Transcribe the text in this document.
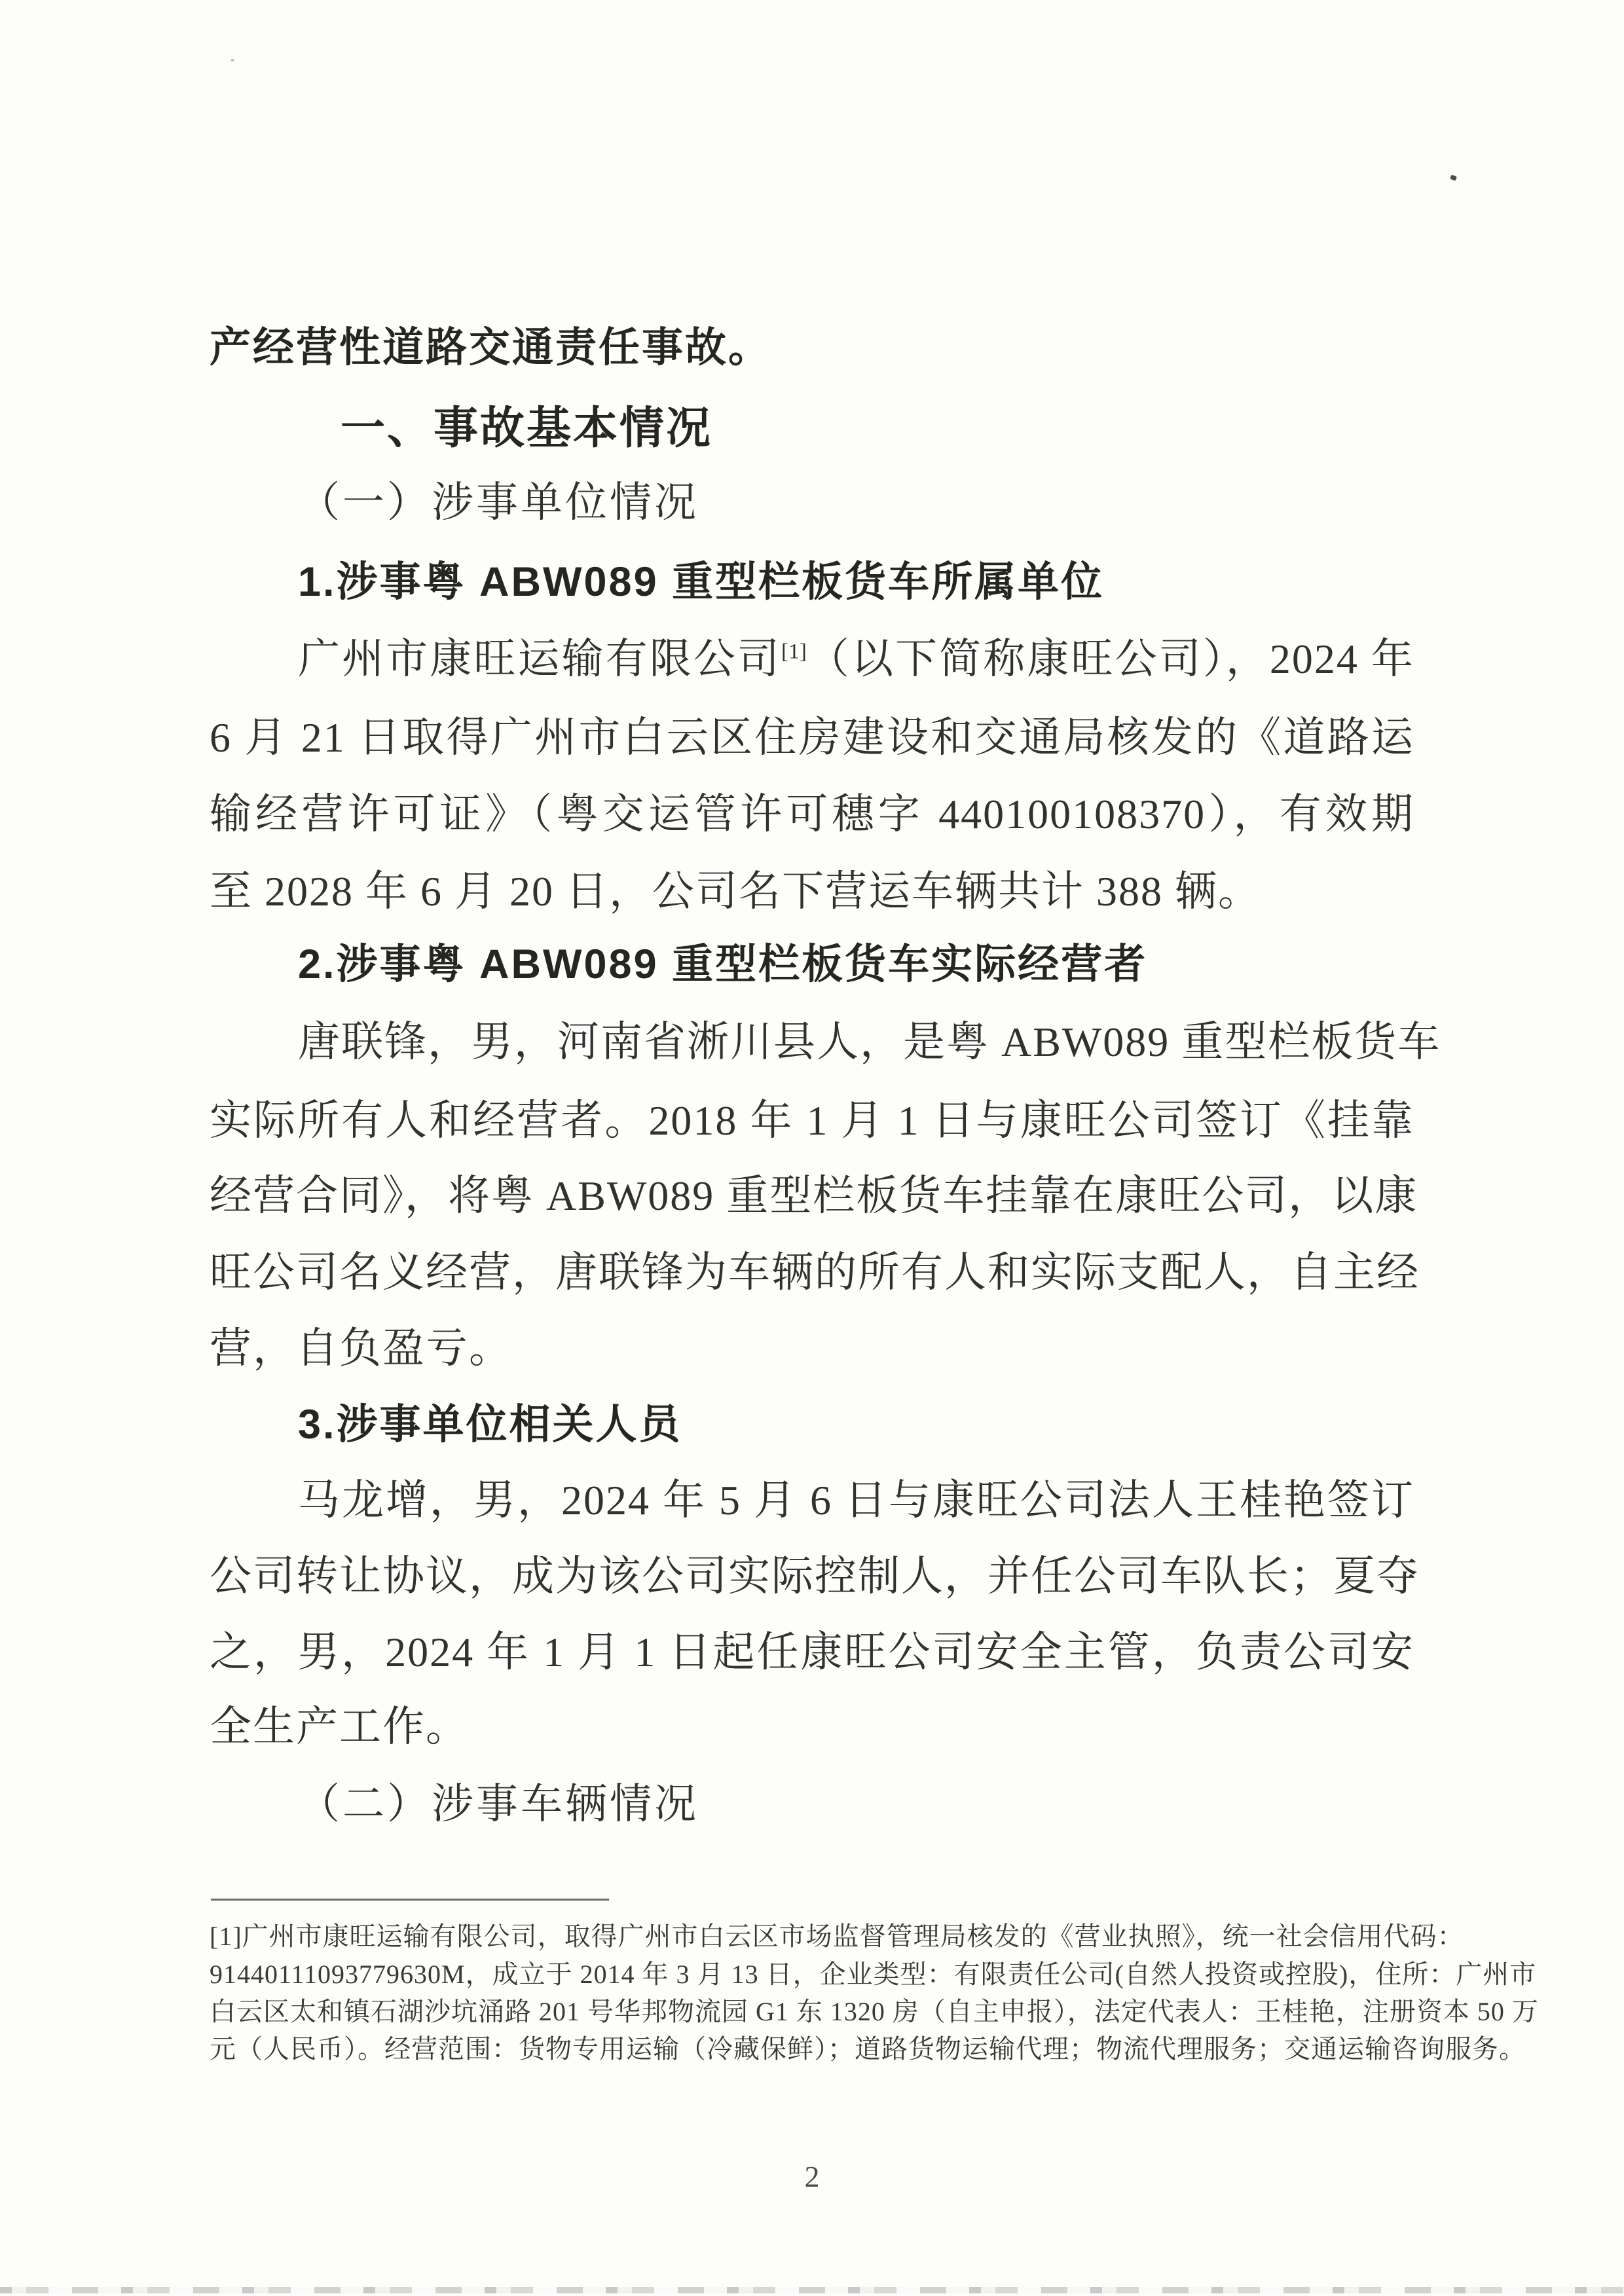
产经营性道路交通责任事故。
一、事故基本情况
（一）涉事单位情况
1.涉事粤 ABW089 重型栏板货车所属单位
广州市康旺运输有限公司[1]（以下简称康旺公司），2024 年
6 月 21 日取得广州市白云区住房建设和交通局核发的《道路运
输经营许可证》（粤交运管许可穗字 440100108370），有效期
至 2028 年 6 月 20 日，公司名下营运车辆共计 388 辆。
2.涉事粤 ABW089 重型栏板货车实际经营者
唐联锋，男，河南省淅川县人，是粤 ABW089 重型栏板货车
实际所有人和经营者。2018 年 1 月 1 日与康旺公司签订《挂靠
经营合同》，将粤 ABW089 重型栏板货车挂靠在康旺公司，以康
旺公司名义经营，唐联锋为车辆的所有人和实际支配人，自主经
营，自负盈亏。
3.涉事单位相关人员
马龙增，男，2024 年 5 月 6 日与康旺公司法人王桂艳签订
公司转让协议，成为该公司实际控制人，并任公司车队长；夏夺
之，男，2024 年 1 月 1 日起任康旺公司安全主管，负责公司安
全生产工作。
（二）涉事车辆情况
[1]广州市康旺运输有限公司，取得广州市白云区市场监督管理局核发的《营业执照》，统一社会信用代码：
91440111093779630M，成立于 2014 年 3 月 13 日，企业类型：有限责任公司(自然人投资或控股)，住所：广州市
白云区太和镇石湖沙坑涌路 201 号华邦物流园 G1 东 1320 房（自主申报），法定代表人：王桂艳，注册资本 50 万
元（人民币）。经营范围：货物专用运输（冷藏保鲜）；道路货物运输代理；物流代理服务；交通运输咨询服务。
2
